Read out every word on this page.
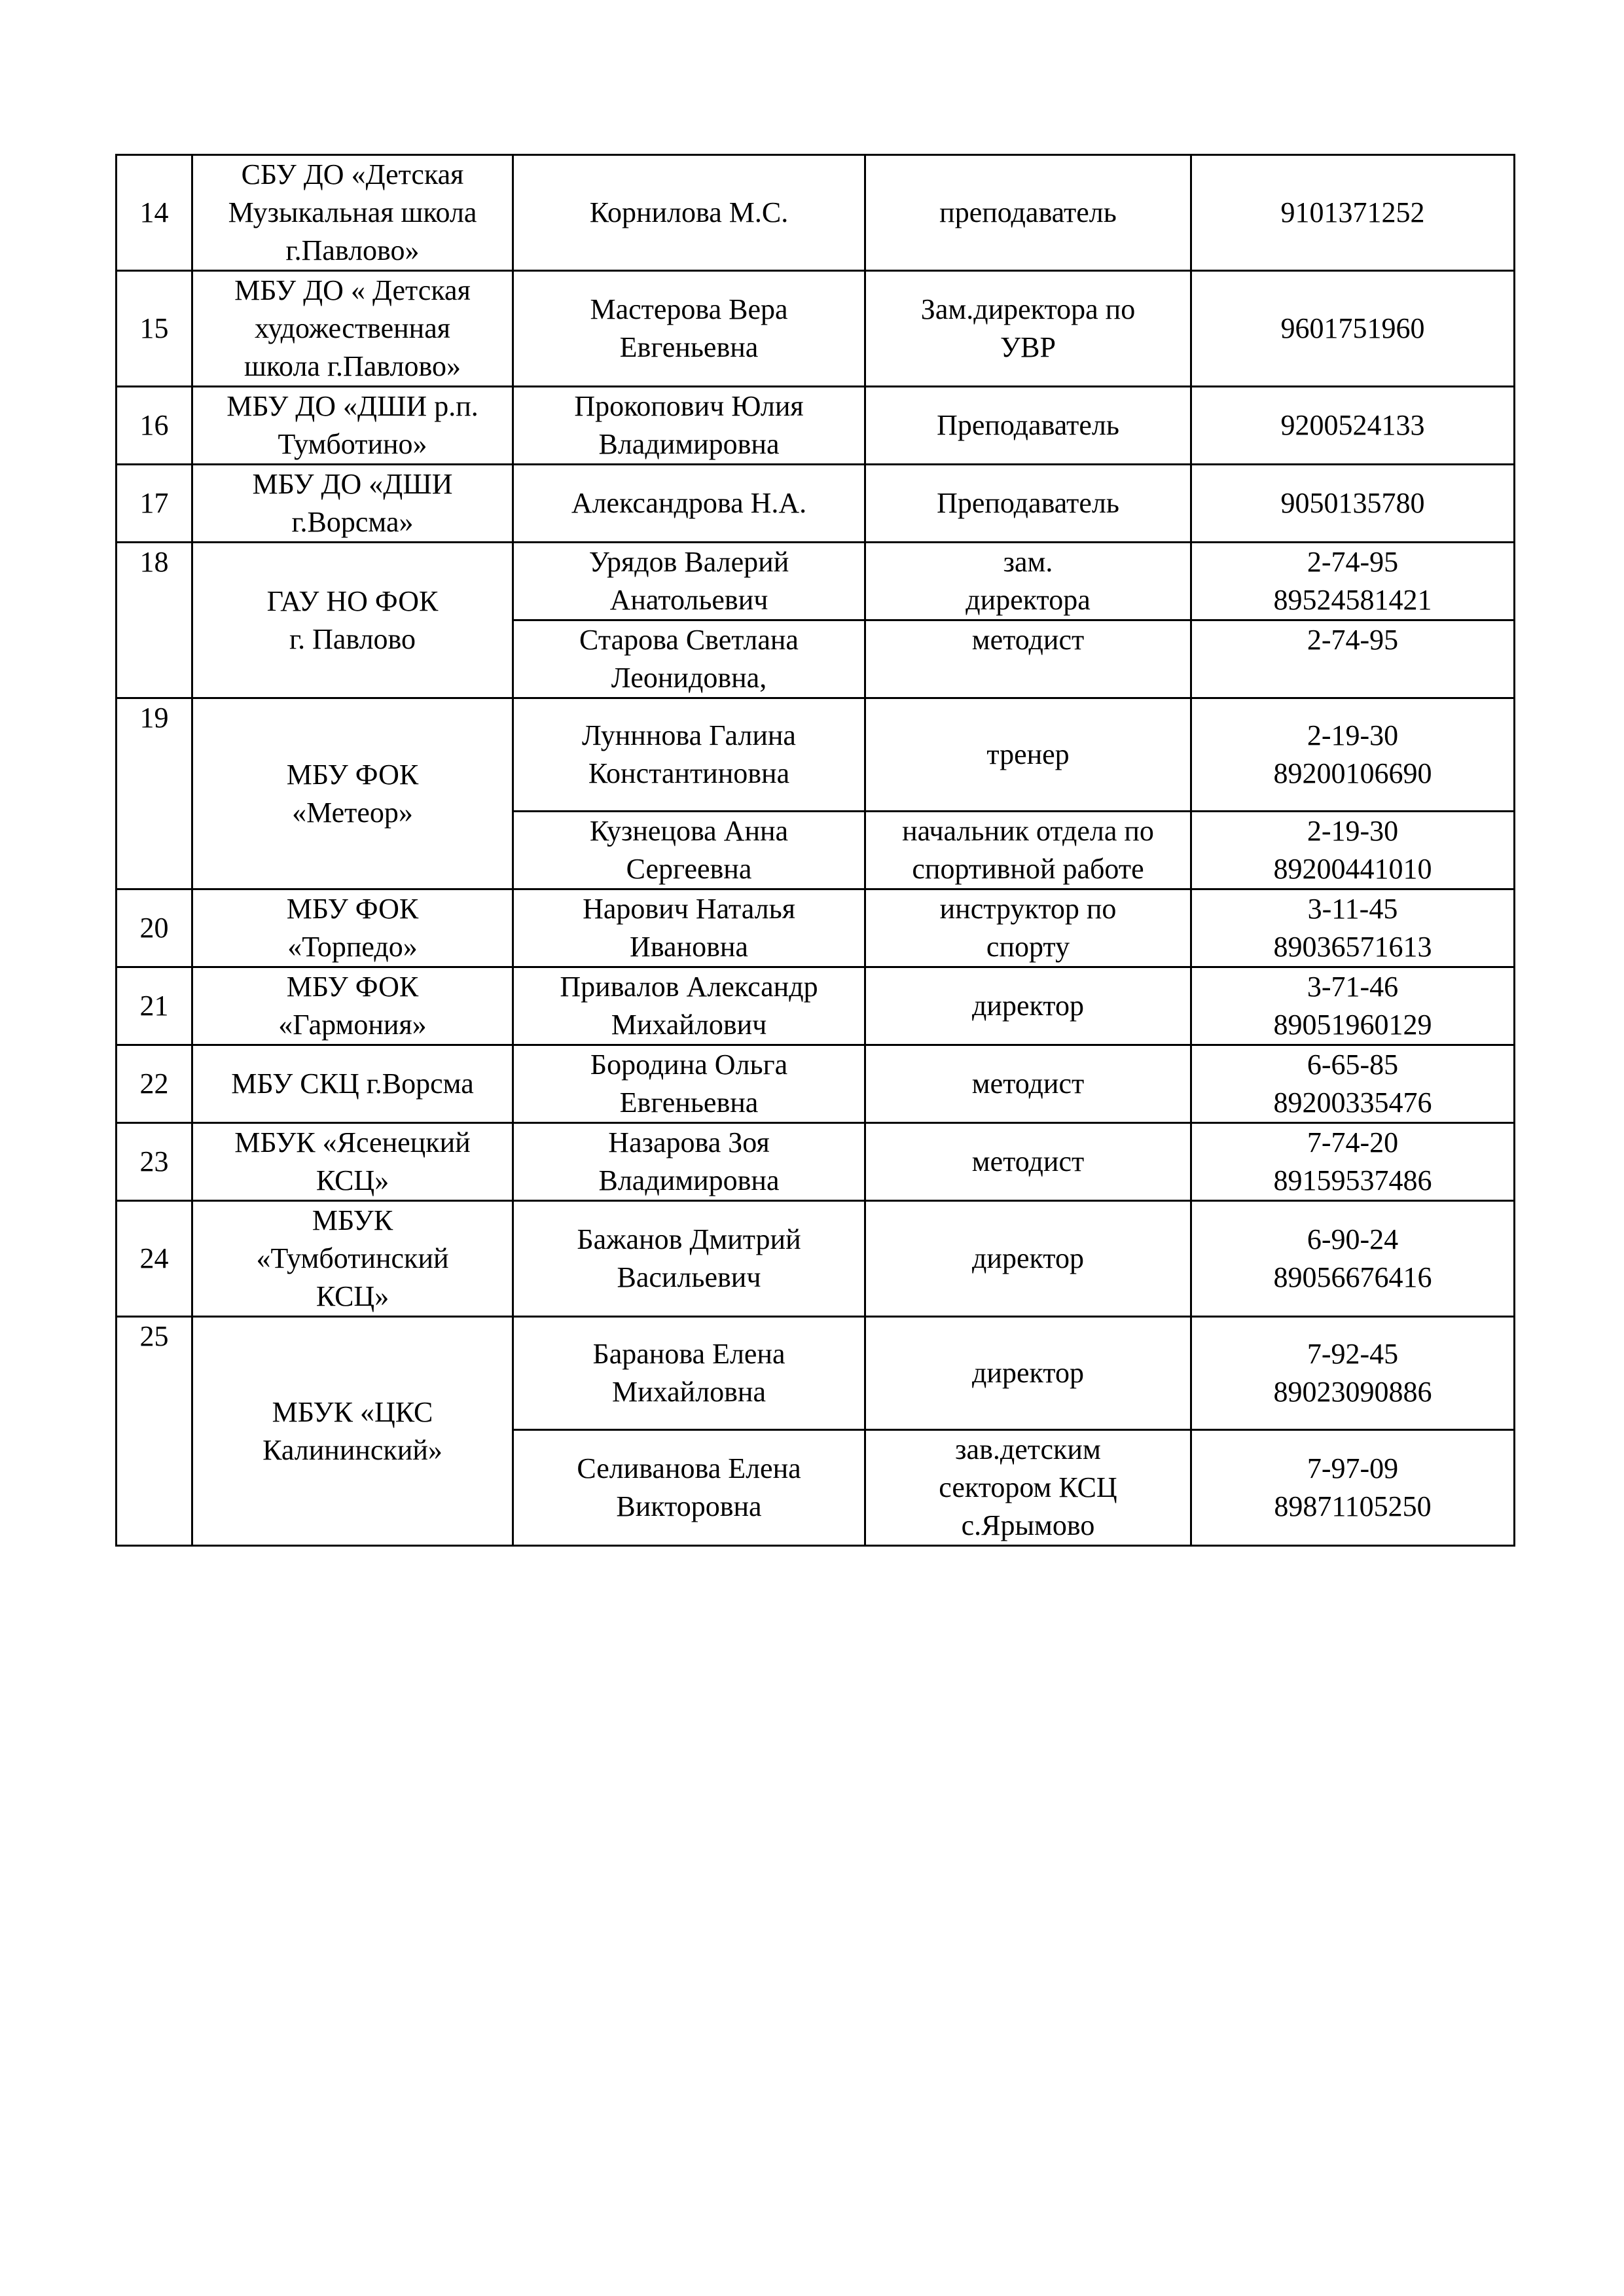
14	СБУ ДО «Детская
Музыкальная школа
г.Павлово»	Корнилова М.С.	преподаватель	9101371252

15	МБУ ДО « Детская
художественная
школа г.Павлово»	Мастерова Вера
Евгеньевна	Зам.директора по
УВР	9601751960

16	МБУ ДО «ДШИ р.п.
Тумботино»	Прокопович Юлия
Владимировна	Преподаватель	9200524133

17	МБУ ДО «ДШИ
г.Ворсма»	Александрова Н.А.	Преподаватель	9050135780

18	ГАУ НО ФОК
г. Павлово	Урядов Валерий
Анатольевич	зам.
директора	2-74-95
89524581421

		Старова Светлана
Леонидовна,	методист	2-74-95

19	МБУ ФОК
«Метеор»	Лунннова Галина
Константиновна	тренер	2-19-30
89200106690

		Кузнецова Анна
Сергеевна	начальник отдела по
спортивной работе	2-19-30
89200441010

20	МБУ ФОК
«Торпедо»	Нарович Наталья
Ивановна	инструктор по
спорту	3-11-45
89036571613

21	МБУ ФОК
«Гармония»	Привалов Александр
Михайлович	директор	3-71-46
89051960129

22	МБУ СКЦ г.Ворсма	Бородина Ольга
Евгеньевна	методист	6-65-85
89200335476

23	МБУК «Ясенецкий
КСЦ»	Назарова Зоя
Владимировна	методист	7-74-20
89159537486

24	МБУК
«Тумботинский
КСЦ»	Бажанов Дмитрий
Васильевич	директор	6-90-24
89056676416

25	МБУК «ЦКС
Калининский»	Баранова Елена
Михайловна	директор	7-92-45
89023090886

		Селиванова Елена
Викторовна	зав.детским
сектором КСЦ
с.Ярымово	7-97-09
89871105250
